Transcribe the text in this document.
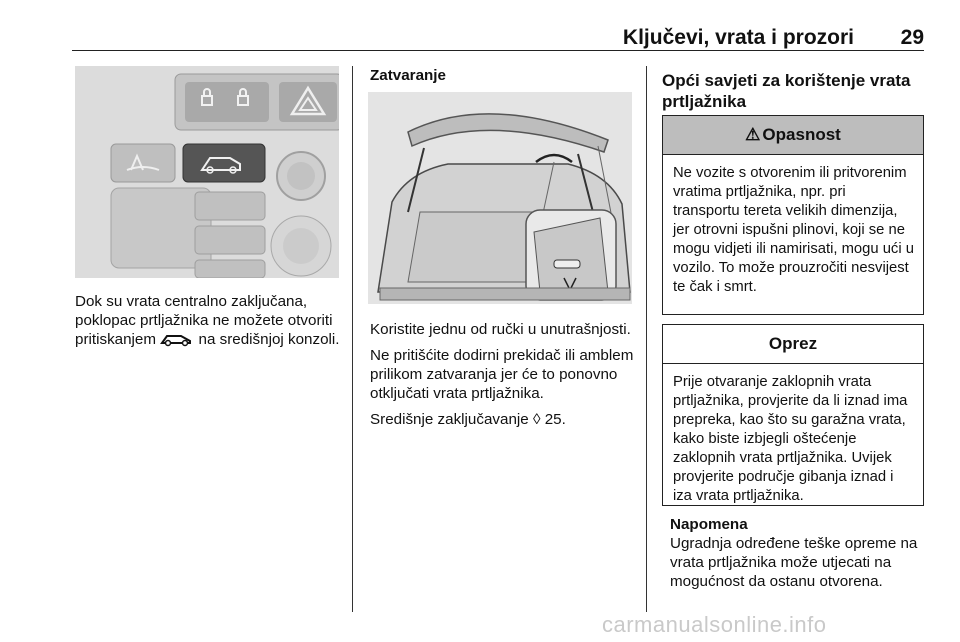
Ključevi, vrata i prozori 29
Dok su vrata centralno zaključana, poklopac prtljažnika ne možete otvoriti pritiskanjem	na središnjoj konzoli.
Zatvaranje

Koristite jednu od ručki u unutrašnjosti.

Ne pritišćite dodirni prekidač ili amblem prilikom zatvaranja jer će to ponovno otključati vrata prtljažnika.

Središnje zaključavanje ◊ 25.

Opći savjeti za korištenje vrata prtljažnika
⚠ Opasnost
Ne vozite s otvorenim ili pritvorenim vratima prtljažnika, npr. pri transportu tereta velikih dimenzija, jer otrovni ispušni plinovi, koji se ne mogu vidjeti ili namirisati, mogu ući u vozilo. To može prouzročiti nesvijest te čak i smrt.
Oprez
Prije otvaranje zaklopnih vrata prtljažnika, provjerite da li iznad ima prepreka, kao što su garažna vrata, kako biste izbjegli oštećenje zaklopnih vrata prtljažnika. Uvijek provjerite područje gibanja iznad i iza vrata prtljažnika.
Napomena
Ugradnja određene teške opreme na vrata prtljažnika može utjecati na mogućnost da ostanu otvorena.
carmanualsonline.info
